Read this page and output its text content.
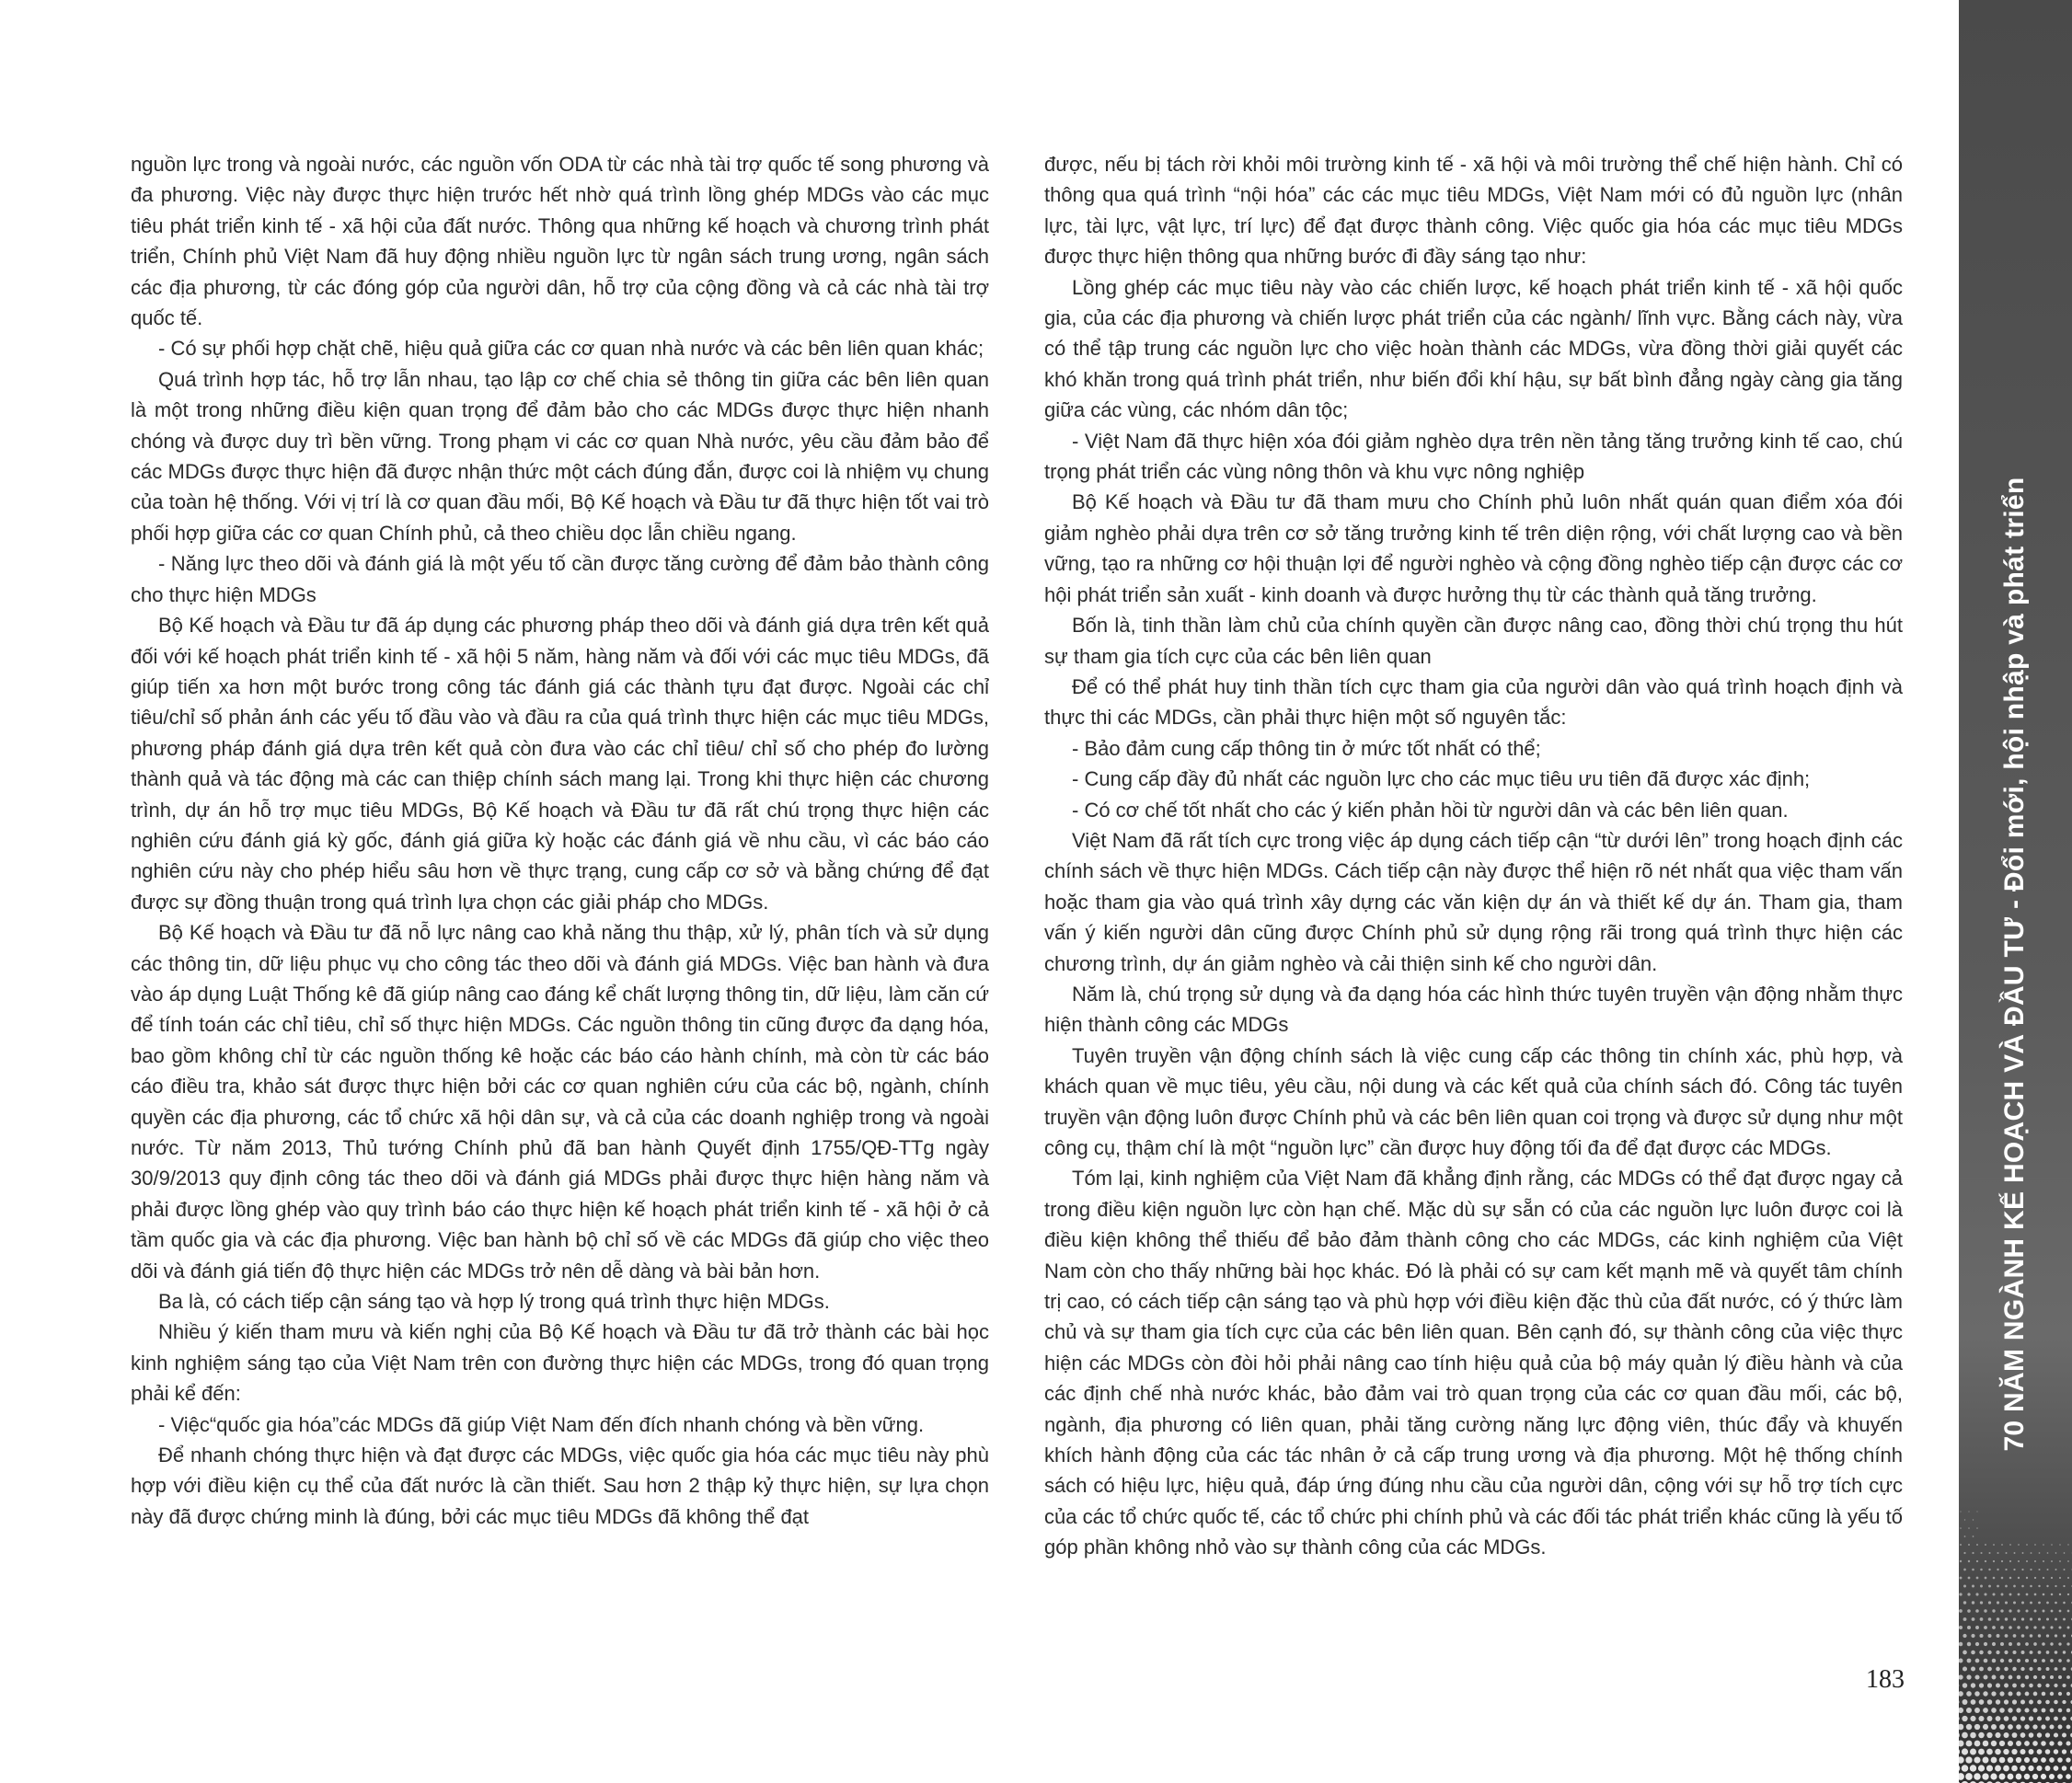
nguồn lực trong và ngoài nước, các nguồn vốn ODA từ các nhà tài trợ quốc tế song phương và đa phương. Việc này được thực hiện trước hết nhờ quá trình lồng ghép MDGs vào các mục tiêu phát triển kinh tế - xã hội của đất nước. Thông qua những kế hoạch và chương trình phát triển, Chính phủ Việt Nam đã huy động nhiều nguồn lực từ ngân sách trung ương, ngân sách các địa phương, từ các đóng góp của người dân, hỗ trợ của cộng đồng và cả các nhà tài trợ quốc tế.

- Có sự phối hợp chặt chẽ, hiệu quả giữa các cơ quan nhà nước và các bên liên quan khác;

Quá trình hợp tác, hỗ trợ lẫn nhau, tạo lập cơ chế chia sẻ thông tin giữa các bên liên quan là một trong những điều kiện quan trọng để đảm bảo cho các MDGs được thực hiện nhanh chóng và được duy trì bền vững. Trong phạm vi các cơ quan Nhà nước, yêu cầu đảm bảo để các MDGs được thực hiện đã được nhận thức một cách đúng đắn, được coi là nhiệm vụ chung của toàn hệ thống. Với vị trí là cơ quan đầu mối, Bộ Kế hoạch và Đầu tư đã thực hiện tốt vai trò phối hợp giữa các cơ quan Chính phủ, cả theo chiều dọc lẫn chiều ngang.

- Năng lực theo dõi và đánh giá là một yếu tố cần được tăng cường để đảm bảo thành công cho thực hiện MDGs

Bộ Kế hoạch và Đầu tư đã áp dụng các phương pháp theo dõi và đánh giá dựa trên kết quả đối với kế hoạch phát triển kinh tế - xã hội 5 năm, hàng năm và đối với các mục tiêu MDGs, đã giúp tiến xa hơn một bước trong công tác đánh giá các thành tựu đạt được. Ngoài các chỉ tiêu/chỉ số phản ánh các yếu tố đầu vào và đầu ra của quá trình thực hiện các mục tiêu MDGs, phương pháp đánh giá dựa trên kết quả còn đưa vào các chỉ tiêu/ chỉ số cho phép đo lường thành quả và tác động mà các can thiệp chính sách mang lại. Trong khi thực hiện các chương trình, dự án hỗ trợ mục tiêu MDGs, Bộ Kế hoạch và Đầu tư đã rất chú trọng thực hiện các nghiên cứu đánh giá kỳ gốc, đánh giá giữa kỳ hoặc các đánh giá về nhu cầu, vì các báo cáo nghiên cứu này cho phép hiểu sâu hơn về thực trạng, cung cấp cơ sở và bằng chứng để đạt được sự đồng thuận trong quá trình lựa chọn các giải pháp cho MDGs.

Bộ Kế hoạch và Đầu tư đã nỗ lực nâng cao khả năng thu thập, xử lý, phân tích và sử dụng các thông tin, dữ liệu phục vụ cho công tác theo dõi và đánh giá MDGs. Việc ban hành và đưa vào áp dụng Luật Thống kê đã giúp nâng cao đáng kể chất lượng thông tin, dữ liệu, làm căn cứ để tính toán các chỉ tiêu, chỉ số thực hiện MDGs. Các nguồn thông tin cũng được đa dạng hóa, bao gồm không chỉ từ các nguồn thống kê hoặc các báo cáo hành chính, mà còn từ các báo cáo điều tra, khảo sát được thực hiện bởi các cơ quan nghiên cứu của các bộ, ngành, chính quyền các địa phương, các tổ chức xã hội dân sự, và cả của các doanh nghiệp trong và ngoài nước. Từ năm 2013, Thủ tướng Chính phủ đã ban hành Quyết định 1755/QĐ-TTg ngày 30/9/2013 quy định công tác theo dõi và đánh giá MDGs phải được thực hiện hàng năm và phải được lồng ghép vào quy trình báo cáo thực hiện kế hoạch phát triển kinh tế - xã hội ở cả tầm quốc gia và các địa phương. Việc ban hành bộ chỉ số về các MDGs đã giúp cho việc theo dõi và đánh giá tiến độ thực hiện các MDGs trở nên dễ dàng và bài bản hơn.

Ba là, có cách tiếp cận sáng tạo và hợp lý trong quá trình thực hiện MDGs.

Nhiều ý kiến tham mưu và kiến nghị của Bộ Kế hoạch và Đầu tư đã trở thành các bài học kinh nghiệm sáng tạo của Việt Nam trên con đường thực hiện các MDGs, trong đó quan trọng phải kể đến:

- Việc“quốc gia hóa”các MDGs đã giúp Việt Nam đến đích nhanh chóng và bền vững.

Để nhanh chóng thực hiện và đạt được các MDGs, việc quốc gia hóa các mục tiêu này phù hợp với điều kiện cụ thể của đất nước là cần thiết. Sau hơn 2 thập kỷ thực hiện, sự lựa chọn này đã được chứng minh là đúng, bởi các mục tiêu MDGs đã không thể đạt

được, nếu bị tách rời khỏi môi trường kinh tế - xã hội và môi trường thể chế hiện hành. Chỉ có thông qua quá trình “nội hóa” các các mục tiêu MDGs, Việt Nam mới có đủ nguồn lực (nhân lực, tài lực, vật lực, trí lực) để đạt được thành công. Việc quốc gia hóa các mục tiêu MDGs được thực hiện thông qua những bước đi đầy sáng tạo như:

Lồng ghép các mục tiêu này vào các chiến lược, kế hoạch phát triển kinh tế - xã hội quốc gia, của các địa phương và chiến lược phát triển của các ngành/ lĩnh vực. Bằng cách này, vừa có thể tập trung các nguồn lực cho việc hoàn thành các MDGs, vừa đồng thời giải quyết các khó khăn trong quá trình phát triển, như biến đổi khí hậu, sự bất bình đẳng ngày càng gia tăng giữa các vùng, các nhóm dân tộc;

- Việt Nam đã thực hiện xóa đói giảm nghèo dựa trên nền tảng tăng trưởng kinh tế cao, chú trọng phát triển các vùng nông thôn và khu vực nông nghiệp

Bộ Kế hoạch và Đầu tư đã tham mưu cho Chính phủ luôn nhất quán quan điểm xóa đói giảm nghèo phải dựa trên cơ sở tăng trưởng kinh tế trên diện rộng, với chất lượng cao và bền vững, tạo ra những cơ hội thuận lợi để người nghèo và cộng đồng nghèo tiếp cận được các cơ hội phát triển sản xuất - kinh doanh và được hưởng thụ từ các thành quả tăng trưởng.

Bốn là, tinh thần làm chủ của chính quyền cần được nâng cao, đồng thời chú trọng thu hút sự tham gia tích cực của các bên liên quan

Để có thể phát huy tinh thần tích cực tham gia của người dân vào quá trình hoạch định và thực thi các MDGs, cần phải thực hiện một số nguyên tắc:

- Bảo đảm cung cấp thông tin ở mức tốt nhất có thể;

- Cung cấp đầy đủ nhất các nguồn lực cho các mục tiêu ưu tiên đã được xác định;

- Có cơ chế tốt nhất cho các ý kiến phản hồi từ người dân và các bên liên quan.

Việt Nam đã rất tích cực trong việc áp dụng cách tiếp cận “từ dưới lên” trong hoạch định các chính sách về thực hiện MDGs. Cách tiếp cận này được thể hiện rõ nét nhất qua việc tham vấn hoặc tham gia vào quá trình xây dựng các văn kiện dự án và thiết kế dự án. Tham gia, tham vấn ý kiến người dân cũng được Chính phủ sử dụng rộng rãi trong quá trình thực hiện các chương trình, dự án giảm nghèo và cải thiện sinh kế cho người dân.

Năm là, chú trọng sử dụng và đa dạng hóa các hình thức tuyên truyền vận động nhằm thực hiện thành công các MDGs

Tuyên truyền vận động chính sách là việc cung cấp các thông tin chính xác, phù hợp, và khách quan về mục tiêu, yêu cầu, nội dung và các kết quả của chính sách đó. Công tác tuyên truyền vận động luôn được Chính phủ và các bên liên quan coi trọng và được sử dụng như một công cụ, thậm chí là một “nguồn lực” cần được huy động tối đa để đạt được các MDGs.

Tóm lại, kinh nghiệm của Việt Nam đã khẳng định rằng, các MDGs có thể đạt được ngay cả trong điều kiện nguồn lực còn hạn chế. Mặc dù sự sẵn có của các nguồn lực luôn được coi là điều kiện không thể thiếu để bảo đảm thành công cho các MDGs, các kinh nghiệm của Việt Nam còn cho thấy những bài học khác. Đó là phải có sự cam kết mạnh mẽ và quyết tâm chính trị cao, có cách tiếp cận sáng tạo và phù hợp với điều kiện đặc thù của đất nước, có ý thức làm chủ và sự tham gia tích cực của các bên liên quan. Bên cạnh đó, sự thành công của việc thực hiện các MDGs còn đòi hỏi phải nâng cao tính hiệu quả của bộ máy quản lý điều hành và của các định chế nhà nước khác, bảo đảm vai trò quan trọng của các cơ quan đầu mối, các bộ, ngành, địa phương có liên quan, phải tăng cường năng lực động viên, thúc đẩy và khuyến khích hành động của các tác nhân ở cả cấp trung ương và địa phương. Một hệ thống chính sách có hiệu lực, hiệu quả, đáp ứng đúng nhu cầu của người dân, cộng với sự hỗ trợ tích cực của các tổ chức quốc tế, các tổ chức phi chính phủ và các đối tác phát triển khác cũng là yếu tố góp phần không nhỏ vào sự thành công của các MDGs.

183
70 NĂM NGÀNH KẾ HOẠCH VÀ ĐẦU TƯ - Đổi mới, hội nhập và phát triển
